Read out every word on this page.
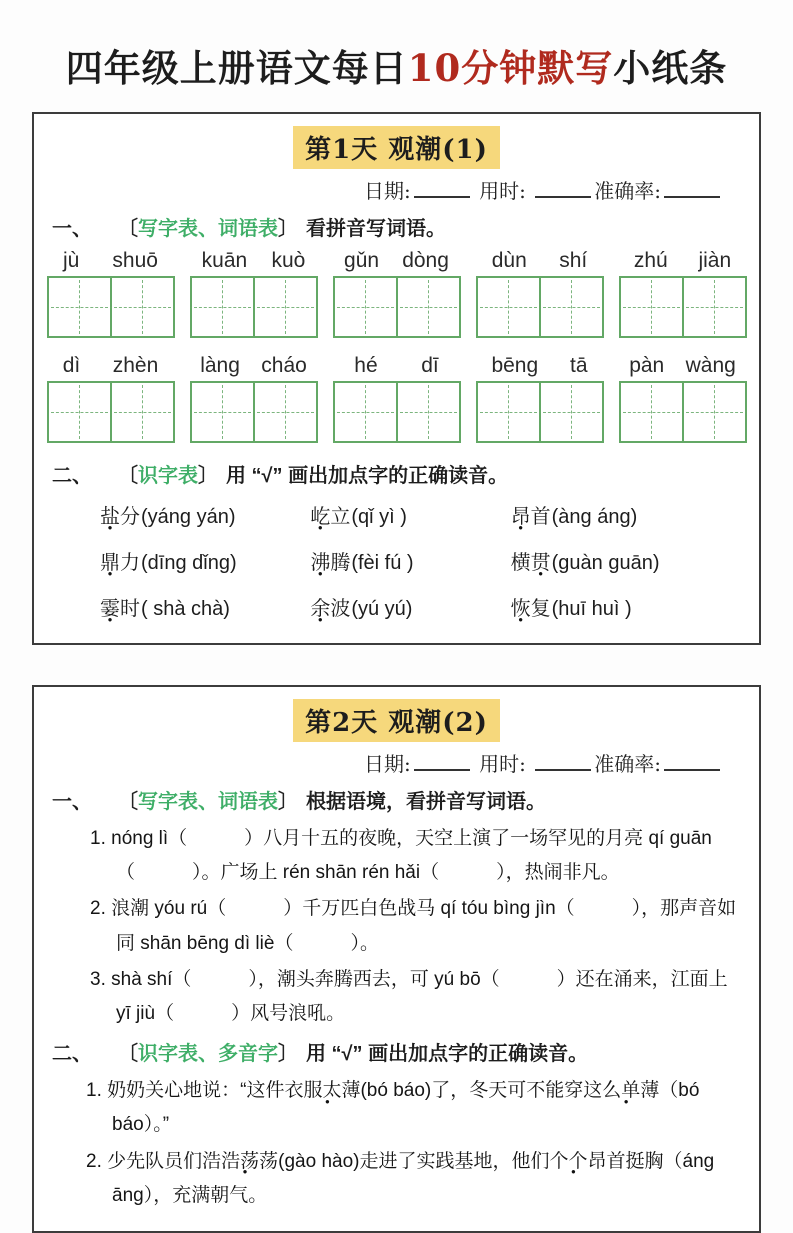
四年级上册语文每日10分钟默写小纸条
第1天 观潮(1)
日期:	用时:	准确率:
一、 〔 写字表、词语表 〕 看拼音写词语。
jù shuō kuān kuò gǔn dòng dùn shí zhú jiàn
dì zhèn làng cháo hé dī	bēng tā pàn wàng
二、 〔 识字表 〕 用 “√” 画出加点字的正确读音。
盐 ●分(yáng yán)	屹 ●立(qǐ yì )	昂 ●首(àng áng)
鼎 ●力(dīng dǐng)	沸 ●腾(fèi fú )	横贯 ●(guàn guān)
霎 ●时( shà chà)	余 ●波(yú yú)	恢 ●复(huī huì )
第2天 观潮(2)
日期:	用时:	准确率:
一、 〔 写字表、词语表 〕 根据语境，看拼音写词语。

1. nóng lì（　　　）八月十五的夜晚，天空上演了一场罕见的月亮 qí guān（　　　）。广场上 rén shān rén hǎi（　　　），热闹非凡。

2. 浪潮 yóu rú（　　　）千万匹白色战马 qí tóu bìng jìn（　　　），那声音如同 shān bēng dì liè（　　　）。

3. shà shí（　　　），潮头奔腾西去，可 yú bō（　　　）还在涌来，江面上 yī jiù（　　　）风号浪吼。

二、 〔 识字表、多音字 〕 用 “√” 画出加点字的正确读音。

1. 奶奶关心地说：“这件衣服太薄 ●(bó báo)了，冬天可不能穿这么单薄 ●（bó báo）。”

2. 少先队员们浩浩荡荡 ●(gào hào)走进了实践基地，他们个个昂 ●首挺胸（áng āng），充满朝气。
